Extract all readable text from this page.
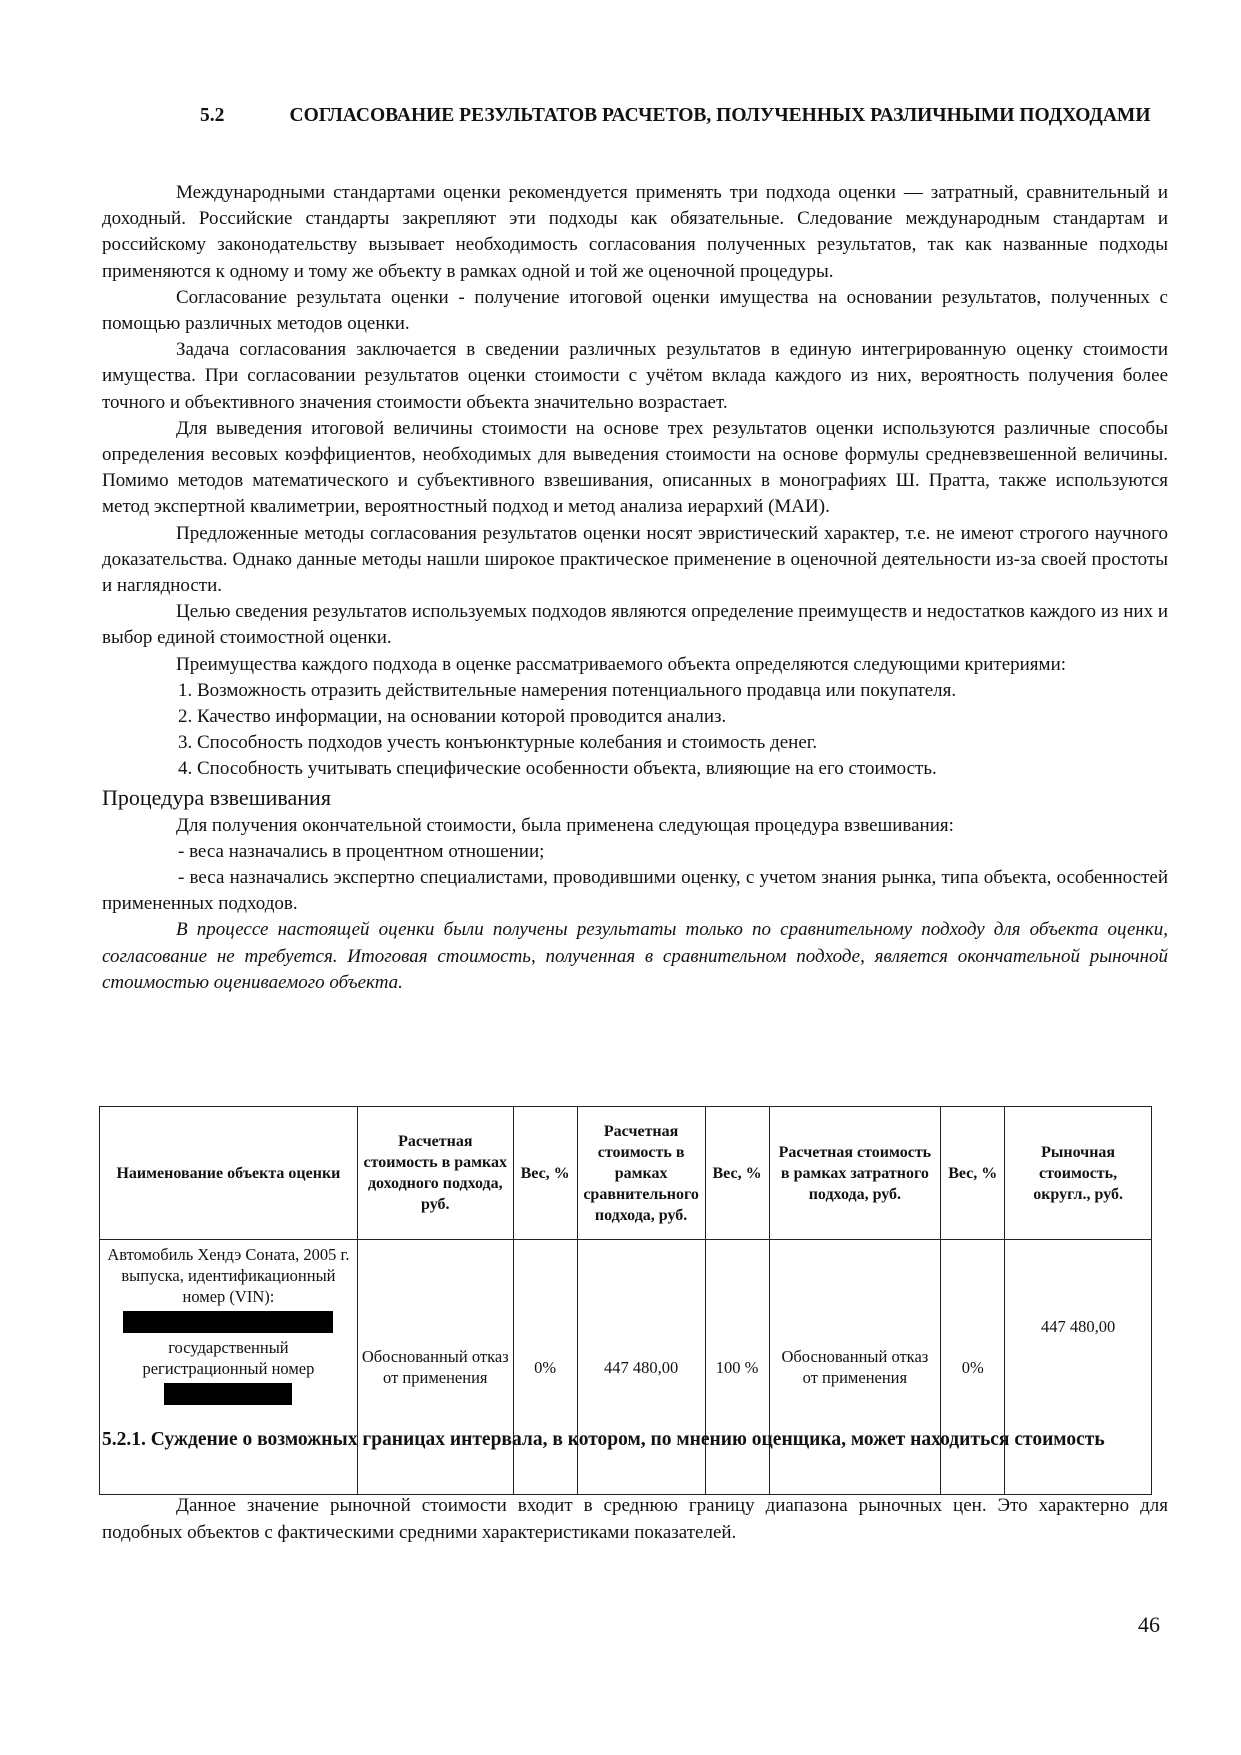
5.2	СОГЛАСОВАНИЕ РЕЗУЛЬТАТОВ РАСЧЕТОВ, ПОЛУЧЕННЫХ РАЗЛИЧНЫМИ ПОДХОДАМИ

Международными стандартами оценки рекомендуется применять три подхода оценки — затратный, сравнительный и доходный. Российские стандарты закрепляют эти подходы как обязательные. Следование международным стандартам и российскому законодательству вызывает необходимость согласования полученных результатов, так как названные подходы применяются к одному и тому же объекту в рамках одной и той же оценочной процедуры.

Согласование результата оценки - получение итоговой оценки имущества на основании результатов, полученных с помощью различных методов оценки.

Задача согласования заключается в сведении различных результатов в единую интегрированную оценку стоимости имущества. При согласовании результатов оценки стоимости с учётом вклада каждого из них, вероятность получения более точного и объективного значения стоимости объекта значительно возрастает.

Для выведения итоговой величины стоимости на основе трех результатов оценки используются различные способы определения весовых коэффициентов, необходимых для выведения стоимости на основе формулы средневзвешенной величины. Помимо методов математического и субъективного взвешивания, описанных в монографиях Ш. Пратта, также используются метод экспертной квалиметрии, вероятностный подход и метод анализа иерархий (МАИ).

Предложенные методы согласования результатов оценки носят эвристический характер, т.е. не имеют строгого научного доказательства. Однако данные методы нашли широкое практическое применение в оценочной деятельности из-за своей простоты и наглядности.

Целью сведения результатов используемых подходов являются определение преимуществ и недостатков каждого из них и выбор единой стоимостной оценки.

Преимущества каждого подхода в оценке рассматриваемого объекта определяются следующими критериями:

1. Возможность отразить действительные намерения потенциального продавца или покупателя.

2. Качество информации, на основании которой проводится анализ.

3. Способность подходов учесть конъюнктурные колебания и стоимость денег.

4. Способность учитывать специфические особенности объекта, влияющие на его стоимость.

Процедура взвешивания

Для получения окончательной стоимости, была применена следующая процедура взвешивания:

- веса назначались в процентном отношении;

- веса назначались экспертно специалистами, проводившими оценку, с учетом знания рынка, типа объекта, особенностей примененных подходов.

В процессе настоящей оценки были получены результаты только по сравнительному подходу для объекта оценки, согласование не требуется. Итоговая стоимость, полученная в сравнительном подходе, является окончательной рыночной стоимостью оцениваемого объекта.

Наименование объекта оценки	Расчетная стоимость в рамках доходного подхода, руб.	Вес, %	Расчетная стоимость в рамках сравнительного подхода, руб.	Вес, %	Расчетная стоимость в рамках затратного подхода, руб.	Вес, %	Рыночная стоимость, округл., руб.
Автомобиль Хендэ Соната, 2005 г. выпуска, идентификационный номер (VIN):
государственный регистрационный номер	Обоснованный отказ от применения	0%	447 480,00	100 %	Обоснованный отказ от применения	0%	447 480,00
5.2.1. Суждение о возможных границах интервала, в котором, по мнению оценщика, может находиться стоимость

Данное значение рыночной стоимости входит в среднюю границу диапазона рыночных цен. Это характерно для подобных объектов с фактическими средними характеристиками показателей.

46
